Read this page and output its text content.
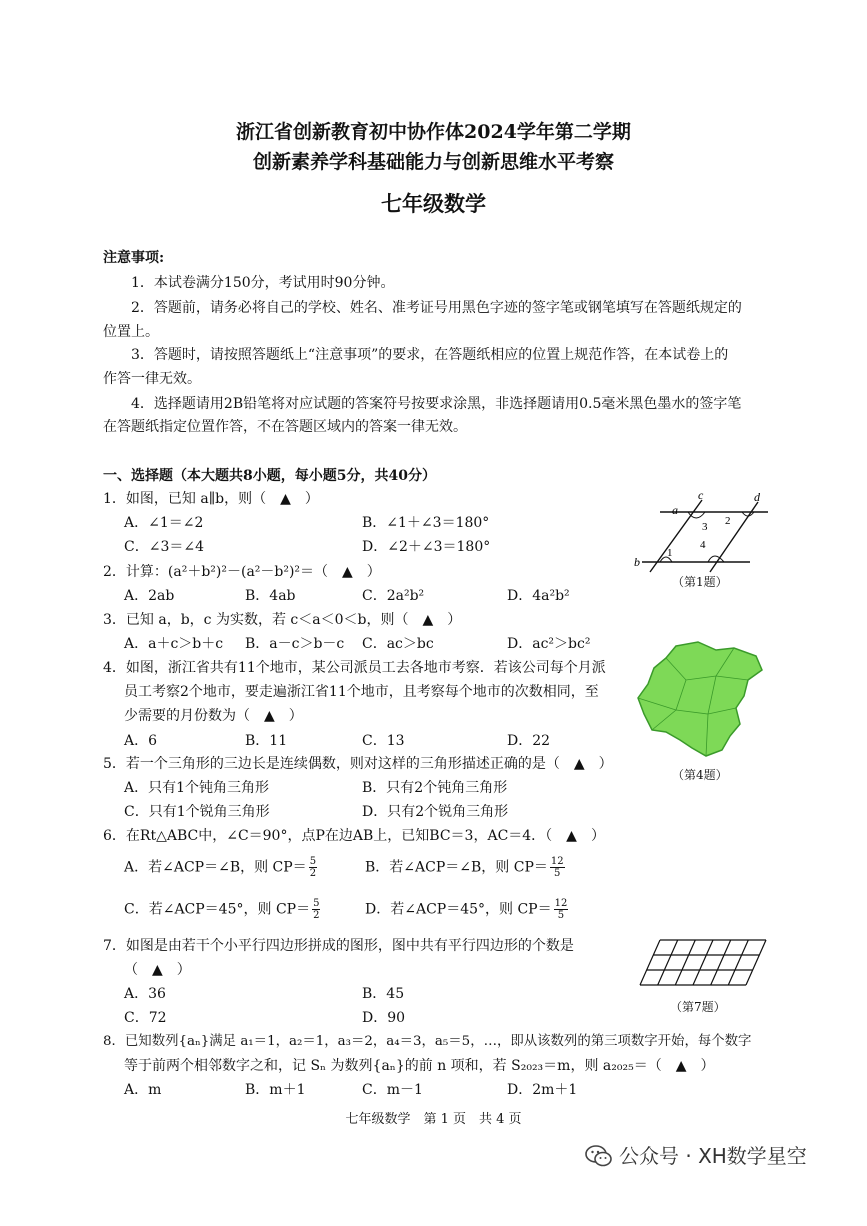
浙江省创新教育初中协作体2024学年第二学期
创新素养学科基础能力与创新思维水平考察
七年级数学
注意事项:
1．本试卷满分150分，考试用时90分钟。
2．答题前，请务必将自己的学校、姓名、准考证号用黑色字迹的签字笔或钢笔填写在答题纸规定的
位置上。
3．答题时，请按照答题纸上“注意事项”的要求，在答题纸相应的位置上规范作答，在本试卷上的
作答一律无效。
4．选择题请用2B铅笔将对应试题的答案符号按要求涂黑，非选择题请用0.5毫米黑色墨水的签字笔
在答题纸指定位置作答，不在答题区域内的答案一律无效。
一、选择题（本大题共8小题，每小题5分，共40分）
1．如图，已知 a∥b，则（　▲　）
A．∠1＝∠2	B．∠1＋∠3＝180°
C．∠3＝∠4	D．∠2＋∠3＝180°
2．计算：(a²＋b²)²－(a²－b²)²＝（　▲　）
A．2ab	B．4ab	C．2a²b²	D．4a²b²
3．已知 a，b，c 为实数，若 c＜a＜0＜b，则（　▲　）
A．a＋c＞b＋c B．a－c＞b－c C．ac＞bc	D．ac²＞bc²
4．如图，浙江省共有11个地市，某公司派员工去各地市考察．若该公司每个月派
员工考察2个地市，要走遍浙江省11个地市，且考察每个地市的次数相同，至
少需要的月份数为（　▲　）
A．6	B．11	C．13	D．22
5．若一个三角形的三边长是连续偶数，则对这样的三角形描述正确的是（　▲　）
A．只有1个钝角三角形	B．只有2个钝角三角形
C．只有1个锐角三角形	D．只有2个锐角三角形
6．在Rt△ABC中，∠C＝90°，点P在边AB上，已知BC＝3，AC＝4．（　▲　）
A．若∠ACP＝∠B，则 $CP= \frac{5}{2}$	B．若∠ACP＝∠B，则 $CP= \frac{12}{5}$
C．若∠ACP＝45°，则 $CP= \frac{5}{2}$	D．若∠ACP＝45°，则 $CP= \frac{12}{5}$
7．如图是由若干个小平行四边形拼成的图形，图中共有平行四边形的个数是
（　▲　）
A．36	B．45
C．72	D．90
8．已知数列{aₙ}满足 a₁＝1，a₂＝1，a₃＝2，a₄＝3，a₅＝5，…，即从该数列的第三项数字开始，每个数字
等于前两个相邻数字之和，记 Sₙ 为数列{aₙ}的前 n 项和，若 S₂₀₂₃＝m，则 a₂₀₂₅＝（　▲　）
A．m	B．m＋1	C．m－1	D．2m＋1
c	d
a
b
3 2
1
4
（第1题）
（第4题）
（第7题）
七年级数学　第 1 页　共 4 页
公众号 · XH数学星空
